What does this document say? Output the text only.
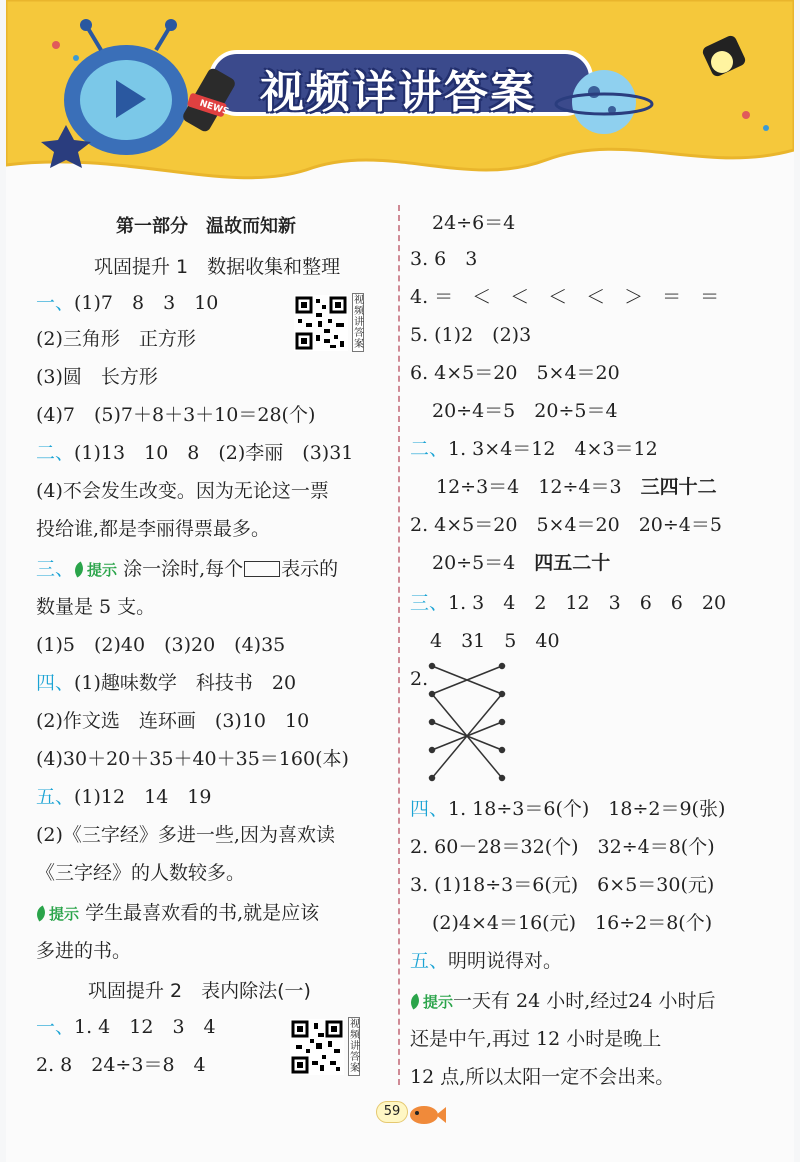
视频详讲答案
NEWS
第一部分　温故而知新
巩固提升 1　数据收集和整理
一、(1)7　8　3　10	视频讲答案
(2)三角形　正方形
(3)圆　长方形
(4)7　(5)7＋8＋3＋10＝28(个)
二、(1)13　10　8　(2)李丽　(3)31
(4)不会发生改变。因为无论这一票
投给谁,都是李丽得票最多。
三、 提示 涂一涂时,每个 表示的
数量是 5 支。
(1)5　(2)40　(3)20　(4)35
四、(1)趣味数学　科技书　20
(2)作文选　连环画　(3)10　10
(4)30＋20＋35＋40＋35＝160(本)
五、(1)12　14　19
(2)《三字经》多进一些,因为喜欢读
《三字经》的人数较多。
提示 学生最喜欢看的书,就是应该
多进的书。
巩固提升 2　表内除法(一)
一、1. 4　12　3　4	视频讲答案
2. 8　24÷3＝8　4
24÷6＝4
3. 6　3
4. ＝　＜　＜　＜　＜　＞　＝　＝
5. (1)2　(2)3
6. 4×5＝20　5×4＝20
20÷4＝5　20÷5＝4
二、1. 3×4＝12　4×3＝12
12÷3＝4　12÷4＝3　三四十二
2. 4×5＝20　5×4＝20　20÷4＝5
20÷5＝4　四五二十
三、1. 3　4　2　12　3　6　6　20
4　31　5　40
2.
四、1. 18÷3＝6(个)　18÷2＝9(张)
2. 60－28＝32(个)　32÷4＝8(个)
3. (1)18÷3＝6(元)　6×5＝30(元)
(2)4×4＝16(元)　16÷2＝8(个)
五、明明说得对。
提示一天有 24 小时,经过24 小时后
还是中午,再过 12 小时是晚上
12 点,所以太阳一定不会出来。
59
